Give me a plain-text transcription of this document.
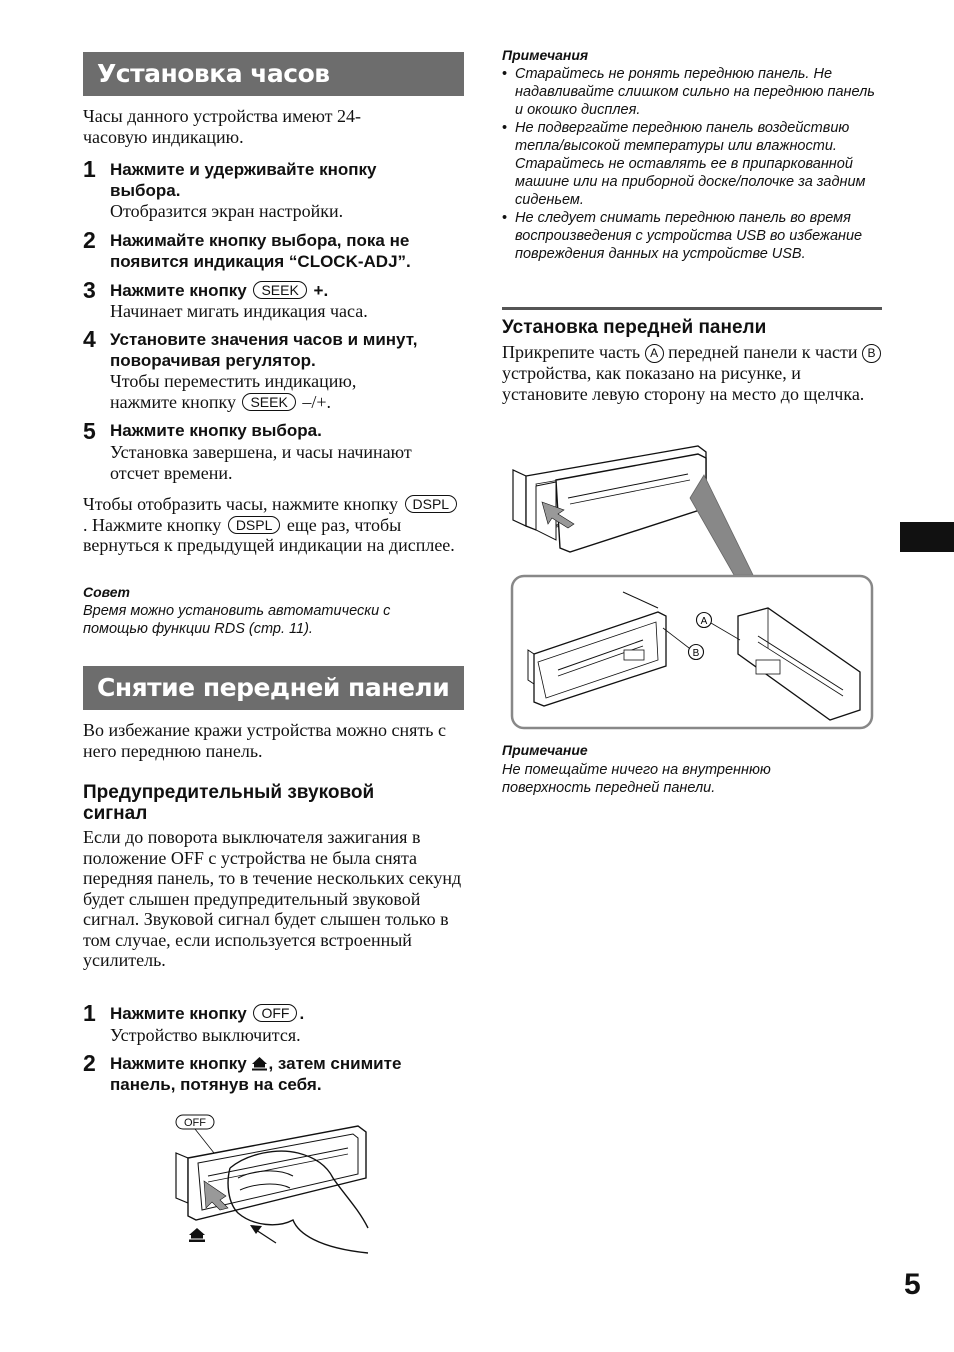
Установка часов
Часы данного устройства имеют 24-часовую индикацию.
1 Нажмите и удерживайте кнопку выбора.
Отобразится экран настройки.
2 Нажимайте кнопку выбора, пока не появится индикация “CLOCK-ADJ”.
3 Нажмите кнопку SEEK +.
Начинает мигать индикация часа.
4 Установите значения часов и минут, поворачивая регулятор.
Чтобы переместить индикацию,
нажмите кнопку SEEK –/+.
5 Нажмите кнопку выбора.
Установка завершена, и часы начинают отсчет времени.
Чтобы отобразить часы, нажмите кнопку DSPL. Нажмите кнопку DSPL еще раз, чтобы вернуться к предыдущей индикации на дисплее.
Совет
Время можно установить автоматически с помощью функции RDS (стр. 11).
Снятие передней панели
Во избежание кражи устройства можно снять с него переднюю панель.
Предупредительный звуковой сигнал
Если до поворота выключателя зажигания в положение OFF с устройства не была снята передняя панель, то в течение нескольких секунд будет слышен предупредительный звуковой сигнал. Звуковой сигнал будет слышен только в том случае, если используется встроенный усилитель.
1 Нажмите кнопку OFF .
Устройство выключится.
2 Нажмите кнопку , затем снимите панель, потянув на себя.
OFF
Примечания
• Старайтесь не ронять переднюю панель. Не надавливайте слишком сильно на переднюю панель и окошко дисплея.
• Не подвергайте переднюю панель воздействию тепла/высокой температуры или влажности. Старайтесь не оставлять ее в припаркованной машине или на приборной доске/полочке за задним сиденьем.
• Не следует снимать переднюю панель во время воспроизведения с устройства USB во избежание повреждения данных на устройстве USB.
Установка передней панели
Прикрепите часть A передней панели к части B устройства, как показано на рисунке, и установите левую сторону на место до щелчка.
A
B
Примечание
Не помещайте ничего на внутреннюю поверхность передней панели.
5
